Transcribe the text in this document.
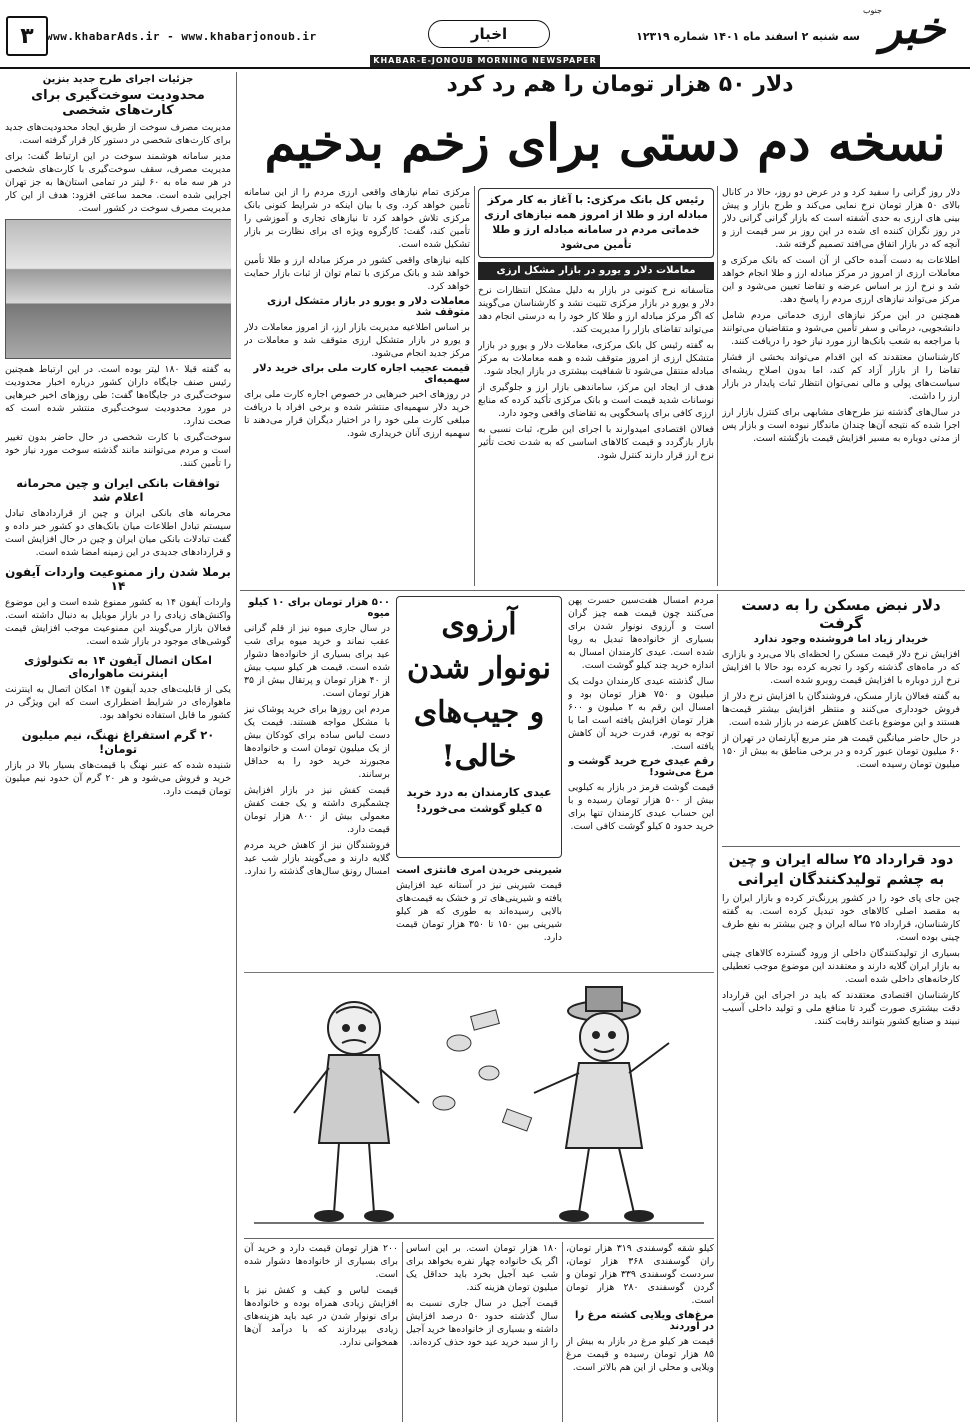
۳	www.khabarAds.ir - www.khabarjonoub.ir	اخبار	سه شنبه ۲ اسفند ماه ۱۴۰۱ شماره ۱۲۳۱۹ خبر
جنوب
KHABAR-E-JONOUB MORNING NEWSPAPER
جزئیات اجرای طرح جدید بنزین
محدودیت سوخت‌گیری برای کارت‌های شخصی

مدیریت مصرف سوخت از طریق ایجاد محدودیت‌های جدید برای کارت‌های شخصی در دستور کار قرار گرفته است.

مدیر سامانه هوشمند سوخت در این ارتباط گفت: برای مدیریت مصرف، سقف سوخت‌گیری با کارت‌های شخصی در هر سه ماه به ۶۰ لیتر در تمامی استان‌ها به جز تهران اجرایی شده است. محمد ساعتی افزود: هدف از این کار مدیریت مصرف سوخت در کشور است.

به گفته قبلا ۱۸۰ لیتر بوده است. در این ارتباط همچنین رئیس صنف جایگاه داران کشور درباره اخبار محدودیت سوخت‌گیری در جایگاه‌ها گفت: طی روزهای اخیر خبرهایی در مورد محدودیت سوخت‌گیری منتشر شده است که صحت ندارد.

سوخت‌گیری با کارت شخصی در حال حاضر بدون تغییر است و مردم می‌توانند مانند گذشته سوخت مورد نیاز خود را تأمین کنند.

توافقات بانکی ایران و چین محرمانه اعلام شد

محرمانه های بانکی ایران و چین از قراردادهای تبادل سیستم تبادل اطلاعات میان بانک‌های دو کشور خبر داده و گفت تبادلات بانکی میان ایران و چین در حال افزایش است و قراردادهای جدیدی در این زمینه امضا شده است.

برملا شدن راز ممنوعیت واردات آیفون ۱۴

واردات آیفون ۱۴ به کشور ممنوع شده است و این موضوع واکنش‌های زیادی را در بازار موبایل به دنبال داشته است. فعالان بازار می‌گویند این ممنوعیت موجب افزایش قیمت گوشی‌های موجود در بازار شده است.

امکان اتصال آیفون ۱۴ به تکنولوژی اینترنت ماهواره‌ای

یکی از قابلیت‌های جدید آیفون ۱۴ امکان اتصال به اینترنت ماهواره‌ای در شرایط اضطراری است که این ویژگی در کشور ما قابل استفاده نخواهد بود.

۲۰ گرم استفراغ نهنگ، نیم میلیون تومان!

شنیده شده که عنبر نهنگ با قیمت‌های بسیار بالا در بازار خرید و فروش می‌شود و هر ۲۰ گرم آن حدود نیم میلیون تومان قیمت دارد.

دلار ۵۰ هزار تومان را هم رد کرد
نسخه دم دستی برای زخم بدخیم

دلار روز گرانی را سفید کرد و در عرض دو روز، حالا در کانال بالای ۵۰ هزار تومان نرخ نمایی می‌کند و طرح بازار و پیش بینی های ارزی به حدی آشفته است که بازار گرانی گرانی دلار در روز نگران کننده ای شده در این روز بر سر قیمت ارز و آنچه که در بازار اتفاق می‌افتد تصمیم گرفته شد.

اطلاعات به دست آمده حاکی از آن است که بانک مرکزی و معاملات ارزی از امروز در مرکز مبادله ارز و طلا انجام خواهد شد و نرخ ارز بر اساس عرضه و تقاضا تعیین می‌شود و این مرکز می‌تواند نیازهای ارزی مردم را پاسخ دهد.

همچنین در این مرکز نیازهای ارزی خدماتی مردم شامل دانشجویی، درمانی و سفر تأمین می‌شود و متقاضیان می‌توانند با مراجعه به شعب بانک‌ها ارز مورد نیاز خود را دریافت کنند.

کارشناسان معتقدند که این اقدام می‌تواند بخشی از فشار تقاضا را از بازار آزاد کم کند، اما بدون اصلاح ریشه‌ای سیاست‌های پولی و مالی نمی‌توان انتظار ثبات پایدار در بازار ارز را داشت.

در سال‌های گذشته نیز طرح‌های مشابهی برای کنترل بازار ارز اجرا شده که نتیجه آن‌ها چندان ماندگار نبوده است و بازار پس از مدتی دوباره به مسیر افزایش قیمت بازگشته است.

رئیس کل بانک مرکزی: با آغاز به کار مرکز مبادله ارز و طلا از امروز همه نیازهای ارزی خدماتی مردم در سامانه مبادله ارز و طلا تأمین می‌شود
معاملات دلار و یورو در بازار مشکل ارزی

متأسفانه نرخ کنونی در بازار به دلیل مشکل انتظارات نرخ دلار و یورو در بازار مرکزی تثبیت نشد و کارشناسان می‌گویند که اگر مرکز مبادله ارز و طلا کار خود را به درستی انجام دهد می‌تواند تقاضای بازار را مدیریت کند.

به گفته رئیس کل بانک مرکزی، معاملات دلار و یورو در بازار متشکل ارزی از امروز متوقف شده و همه معاملات به مرکز مبادله منتقل می‌شود تا شفافیت بیشتری در بازار ایجاد شود.

هدف از ایجاد این مرکز، ساماندهی بازار ارز و جلوگیری از نوسانات شدید قیمت است و بانک مرکزی تأکید کرده که منابع ارزی کافی برای پاسخگویی به تقاضای واقعی وجود دارد.

فعالان اقتصادی امیدوارند با اجرای این طرح، ثبات نسبی به بازار بازگردد و قیمت کالاهای اساسی که به شدت تحت تأثیر نرخ ارز قرار دارند کنترل شود.

مرکزی تمام نیازهای واقعی ارزی مردم را از این سامانه تأمین خواهد کرد. وی با بیان اینکه در شرایط کنونی بانک مرکزی تلاش خواهد کرد تا نیازهای تجاری و آموزشی را تأمین کند، گفت: کارگروه ویژه ای برای نظارت بر بازار تشکیل شده است.

کلیه نیازهای واقعی کشور در مرکز مبادله ارز و طلا تأمین خواهد شد و بانک مرکزی با تمام توان از ثبات بازار حمایت خواهد کرد.

معاملات دلار و یورو در بازار متشکل ارزی متوقف شد

بر اساس اطلاعیه مدیریت بازار ارز، از امروز معاملات دلار و یورو در بازار متشکل ارزی متوقف شد و معاملات در مرکز جدید انجام می‌شود.

قیمت عجیب اجاره کارت ملی برای خرید دلار سهمیه‌ای

در روزهای اخیر خبرهایی در خصوص اجاره کارت ملی برای خرید دلار سهمیه‌ای منتشر شده و برخی افراد با دریافت مبلغی کارت ملی خود را در اختیار دیگران قرار می‌دهند تا سهمیه ارزی آنان خریداری شود.

دلار نبض مسکن را به دست گرفت
خریدار زیاد اما فروشنده وجود ندارد

افزایش نرخ دلار قیمت مسکن را لحظه‌ای بالا می‌برد و بازاری که در ماه‌های گذشته رکود را تجربه کرده بود حالا با افزایش نرخ ارز دوباره با افزایش قیمت روبرو شده است.

به گفته فعالان بازار مسکن، فروشندگان با افزایش نرخ دلار از فروش خودداری می‌کنند و منتظر افزایش بیشتر قیمت‌ها هستند و این موضوع باعث کاهش عرضه در بازار شده است.

در حال حاضر میانگین قیمت هر متر مربع آپارتمان در تهران از ۶۰ میلیون تومان عبور کرده و در برخی مناطق به بیش از ۱۵۰ میلیون تومان رسیده است.

دود قرارداد ۲۵ ساله ایران و چین
به چشم تولیدکنندگان ایرانی

چین جای پای خود را در کشور پررنگ‌تر کرده و بازار ایران را به مقصد اصلی کالاهای خود تبدیل کرده است. به گفته کارشناسان، قرارداد ۲۵ ساله ایران و چین بیشتر به نفع طرف چینی بوده است.

بسیاری از تولیدکنندگان داخلی از ورود گسترده کالاهای چینی به بازار ایران گلایه دارند و معتقدند این موضوع موجب تعطیلی کارخانه‌های داخلی شده است.

کارشناسان اقتصادی معتقدند که باید در اجرای این قرارداد دقت بیشتری صورت گیرد تا منافع ملی و تولید داخلی آسیب نبیند و صنایع کشور بتوانند رقابت کنند.

مردم امسال هفت‌سین حسرت پهن می‌کنند چون قیمت همه چیز گران است و آرزوی نونوار شدن برای بسیاری از خانواده‌ها تبدیل به رویا شده است. عیدی کارمندان امسال به اندازه خرید چند کیلو گوشت است.

سال گذشته عیدی کارمندان دولت یک میلیون و ۷۵۰ هزار تومان بود و امسال این رقم به ۲ میلیون و ۶۰۰ هزار تومان افزایش یافته است اما با توجه به تورم، قدرت خرید آن کاهش یافته است.

رقم عیدی خرج خرید گوشت و مرغ می‌شود!

قیمت گوشت قرمز در بازار به کیلویی بیش از ۵۰۰ هزار تومان رسیده و با این حساب عیدی کارمندان تنها برای خرید حدود ۵ کیلو گوشت کافی است.

آرزوی نونوار شدن و جیب‌های خالی!
عیدی کارمندان به درد خرید ۵ کیلو گوشت می‌خورد!
شیرینی خریدن امری فانتزی است

قیمت شیرینی نیز در آستانه عید افزایش یافته و شیرینی‌های تر و خشک به قیمت‌های بالایی رسیده‌اند به طوری که هر کیلو شیرینی بین ۱۵۰ تا ۳۵۰ هزار تومان قیمت دارد.

۵۰۰ هزار تومان برای ۱۰ کیلو میوه

در سال جاری میوه نیز از قلم گرانی عقب نماند و خرید میوه برای شب عید برای بسیاری از خانواده‌ها دشوار شده است. قیمت هر کیلو سیب بیش از ۴۰ هزار تومان و پرتقال بیش از ۳۵ هزار تومان است.

مردم این روزها برای خرید پوشاک نیز با مشکل مواجه هستند. قیمت یک دست لباس ساده برای کودکان بیش از یک میلیون تومان است و خانواده‌ها مجبورند خرید خود را به حداقل برسانند.

قیمت کفش نیز در بازار افزایش چشمگیری داشته و یک جفت کفش معمولی بیش از ۸۰۰ هزار تومان قیمت دارد.

فروشندگان نیز از کاهش خرید مردم گلایه دارند و می‌گویند بازار شب عید امسال رونق سال‌های گذشته را ندارد.

کیلو شقه گوسفندی ۳۱۹ هزار تومان، ران گوسفندی ۳۶۸ هزار تومان، سردست گوسفندی ۳۳۹ هزار تومان و گردن گوسفندی ۲۸۰ هزار تومان است.

مرغ‌های ویلایی کشته مرغ را در آوردند

قیمت هر کیلو مرغ در بازار به بیش از ۸۵ هزار تومان رسیده و قیمت مرغ ویلایی و محلی از این هم بالاتر است.

۱۸۰ هزار تومان است. بر این اساس اگر یک خانواده چهار نفره بخواهد برای شب عید آجیل بخرد باید حداقل یک میلیون تومان هزینه کند.

قیمت آجیل در سال جاری نسبت به سال گذشته حدود ۵۰ درصد افزایش داشته و بسیاری از خانواده‌ها خرید آجیل را از سبد خرید عید خود حذف کرده‌اند.

۲۰۰ هزار تومان قیمت دارد و خرید آن برای بسیاری از خانواده‌ها دشوار شده است.

قیمت لباس و کیف و کفش نیز با افزایش زیادی همراه بوده و خانواده‌ها برای نونوار شدن در عید باید هزینه‌های زیادی بپردازند که با درآمد آن‌ها همخوانی ندارد.
